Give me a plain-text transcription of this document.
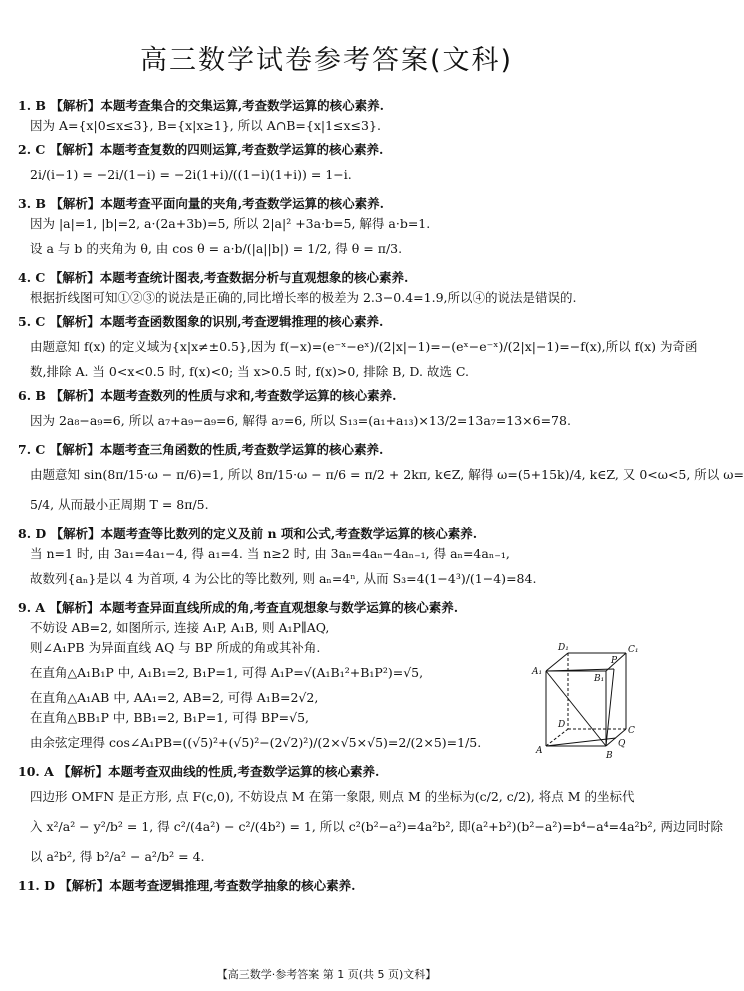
高三数学试卷参考答案(文科)
1. B 【解析】本题考查集合的交集运算,考查数学运算的核心素养.
因为 A={x|0≤x≤3}, B={x|x≥1}, 所以 A∩B={x|1≤x≤3}.
2. C 【解析】本题考查复数的四则运算,考查数学运算的核心素养.
2i/(i−1) = −2i/(1−i) = −2i(1+i)/((1−i)(1+i)) = 1−i.
3. B 【解析】本题考查平面向量的夹角,考查数学运算的核心素养.
因为 |a|=1, |b|=2, a·(2a+3b)=5, 所以 2|a|² +3a·b=5, 解得 a·b=1.
设 a 与 b 的夹角为 θ, 由 cos θ = a·b/(|a||b|) = 1/2, 得 θ = π/3.
4. C 【解析】本题考查统计图表,考查数据分析与直观想象的核心素养.
根据折线图可知①②③的说法是正确的,同比增长率的极差为 2.3−0.4=1.9,所以④的说法是错误的.
5. C 【解析】本题考查函数图象的识别,考查逻辑推理的核心素养.
由题意知 f(x) 的定义域为{x|x≠±0.5},因为 f(−x)=(e⁻ˣ−eˣ)/(2|x|−1)=−(eˣ−e⁻ˣ)/(2|x|−1)=−f(x),所以 f(x) 为奇函
数,排除 A. 当 0<x<0.5 时, f(x)<0; 当 x>0.5 时, f(x)>0, 排除 B, D. 故选 C.
6. B 【解析】本题考查数列的性质与求和,考查数学运算的核心素养.
因为 2a₈−a₉=6, 所以 a₇+a₉−a₉=6, 解得 a₇=6, 所以 S₁₃=(a₁+a₁₃)×13/2=13a₇=13×6=78.
7. C 【解析】本题考查三角函数的性质,考查数学运算的核心素养.
由题意知 sin(8π/15·ω − π/6)=1, 所以 8π/15·ω − π/6 = π/2 + 2kπ, k∈Z, 解得 ω=(5+15k)/4, k∈Z, 又 0<ω<5, 所以 ω=
5/4, 从而最小正周期 T = 8π/5.
8. D 【解析】本题考查等比数列的定义及前 n 项和公式,考查数学运算的核心素养.
当 n=1 时, 由 3a₁=4a₁−4, 得 a₁=4. 当 n≥2 时, 由 3aₙ=4aₙ−4aₙ₋₁, 得 aₙ=4aₙ₋₁,
故数列{aₙ}是以 4 为首项, 4 为公比的等比数列, 则 aₙ=4ⁿ, 从而 S₃=4(1−4³)/(1−4)=84.
9. A 【解析】本题考查异面直线所成的角,考查直观想象与数学运算的核心素养.
不妨设 AB=2, 如图所示, 连接 A₁P, A₁B, 则 A₁P∥AQ,
则∠A₁PB 为异面直线 AQ 与 BP 所成的角或其补角.
在直角△A₁B₁P 中, A₁B₁=2, B₁P=1, 可得 A₁P=√(A₁B₁²+B₁P²)=√5,
在直角△A₁AB 中, AA₁=2, AB=2, 可得 A₁B=2√2,
在直角△BB₁P 中, BB₁=2, B₁P=1, 可得 BP=√5,
由余弦定理得 cos∠A₁PB=((√5)²+(√5)²−(2√2)²)/(2×√5×√5)=2/(2×5)=1/5.
10. A 【解析】本题考查双曲线的性质,考查数学运算的核心素养.
四边形 OMFN 是正方形, 点 F(c,0), 不妨设点 M 在第一象限, 则点 M 的坐标为(c/2, c/2), 将点 M 的坐标代
入 x²/a² − y²/b² = 1, 得 c²/(4a²) − c²/(4b²) = 1, 所以 c²(b²−a²)=4a²b², 即(a²+b²)(b²−a²)=b⁴−a⁴=4a²b², 两边同时除
以 a²b², 得 b²/a² − a²/b² = 4.
11. D 【解析】本题考查逻辑推理,考查数学抽象的核心素养.
D₁	C₁
A₁
B₁
P
D
C
Q
A	B
【高三数学·参考答案 第 1 页(共 5 页)文科】
